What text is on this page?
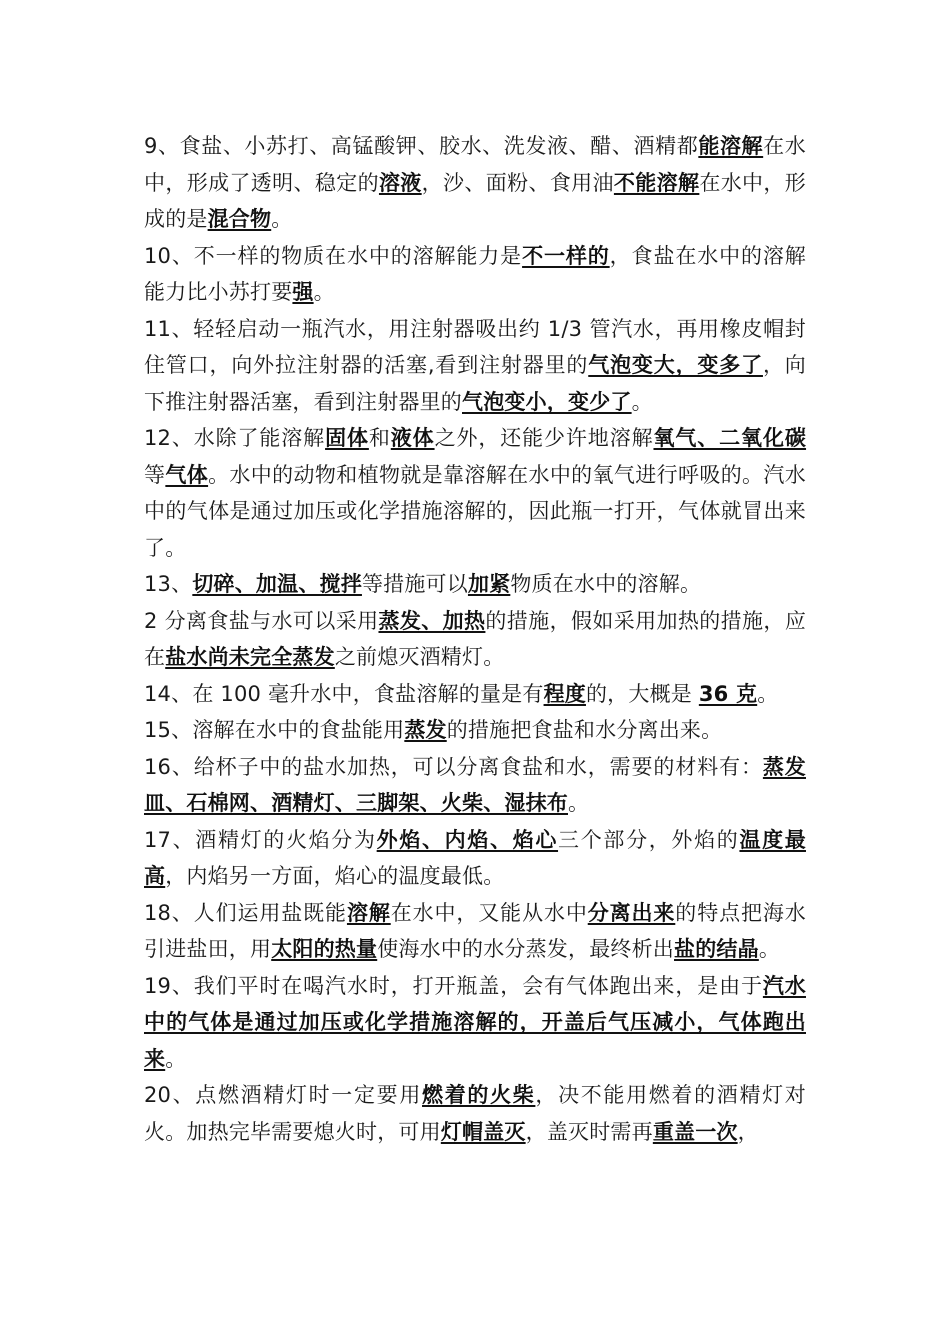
9、食盐、小苏打、高锰酸钾、胶水、洗发液、醋、酒精都能溶解在水中，形成了透明、稳定的溶液，沙、面粉、食用油不能溶解在水中，形成的是混合物。

10、不一样的物质在水中的溶解能力是不一样的，食盐在水中的溶解能力比小苏打要强。

11、轻轻启动一瓶汽水，用注射器吸出约 1/3 管汽水，再用橡皮帽封住管口，向外拉注射器的活塞,看到注射器里的气泡变大，变多了，向下推注射器活塞，看到注射器里的气泡变小，变少了。

12、水除了能溶解固体和液体之外，还能少许地溶解氧气、二氧化碳等气体。水中的动物和植物就是靠溶解在水中的氧气进行呼吸的。汽水中的气体是通过加压或化学措施溶解的，因此瓶一打开，气体就冒出来了。

13、切碎、加温、搅拌等措施可以加紧物质在水中的溶解。

2 分离食盐与水可以采用蒸发、加热的措施，假如采用加热的措施，应在盐水尚未完全蒸发之前熄灭酒精灯。

14、在 100 毫升水中，食盐溶解的量是有程度的，大概是 36 克。

15、溶解在水中的食盐能用蒸发的措施把食盐和水分离出来。

16、给杯子中的盐水加热，可以分离食盐和水，需要的材料有：蒸发皿、石棉网、酒精灯、三脚架、火柴、湿抹布。

17、酒精灯的火焰分为外焰、内焰、焰心三个部分，外焰的温度最高，内焰另一方面，焰心的温度最低。

18、人们运用盐既能溶解在水中，又能从水中分离出来的特点把海水引进盐田，用太阳的热量使海水中的水分蒸发，最终析出盐的结晶。

19、我们平时在喝汽水时，打开瓶盖，会有气体跑出来，是由于汽水中的气体是通过加压或化学措施溶解的，开盖后气压减小，气体跑出来。

20、点燃酒精灯时一定要用燃着的火柴，决不能用燃着的酒精灯对火。加热完毕需要熄火时，可用灯帽盖灭，盖灭时需再重盖一次，
